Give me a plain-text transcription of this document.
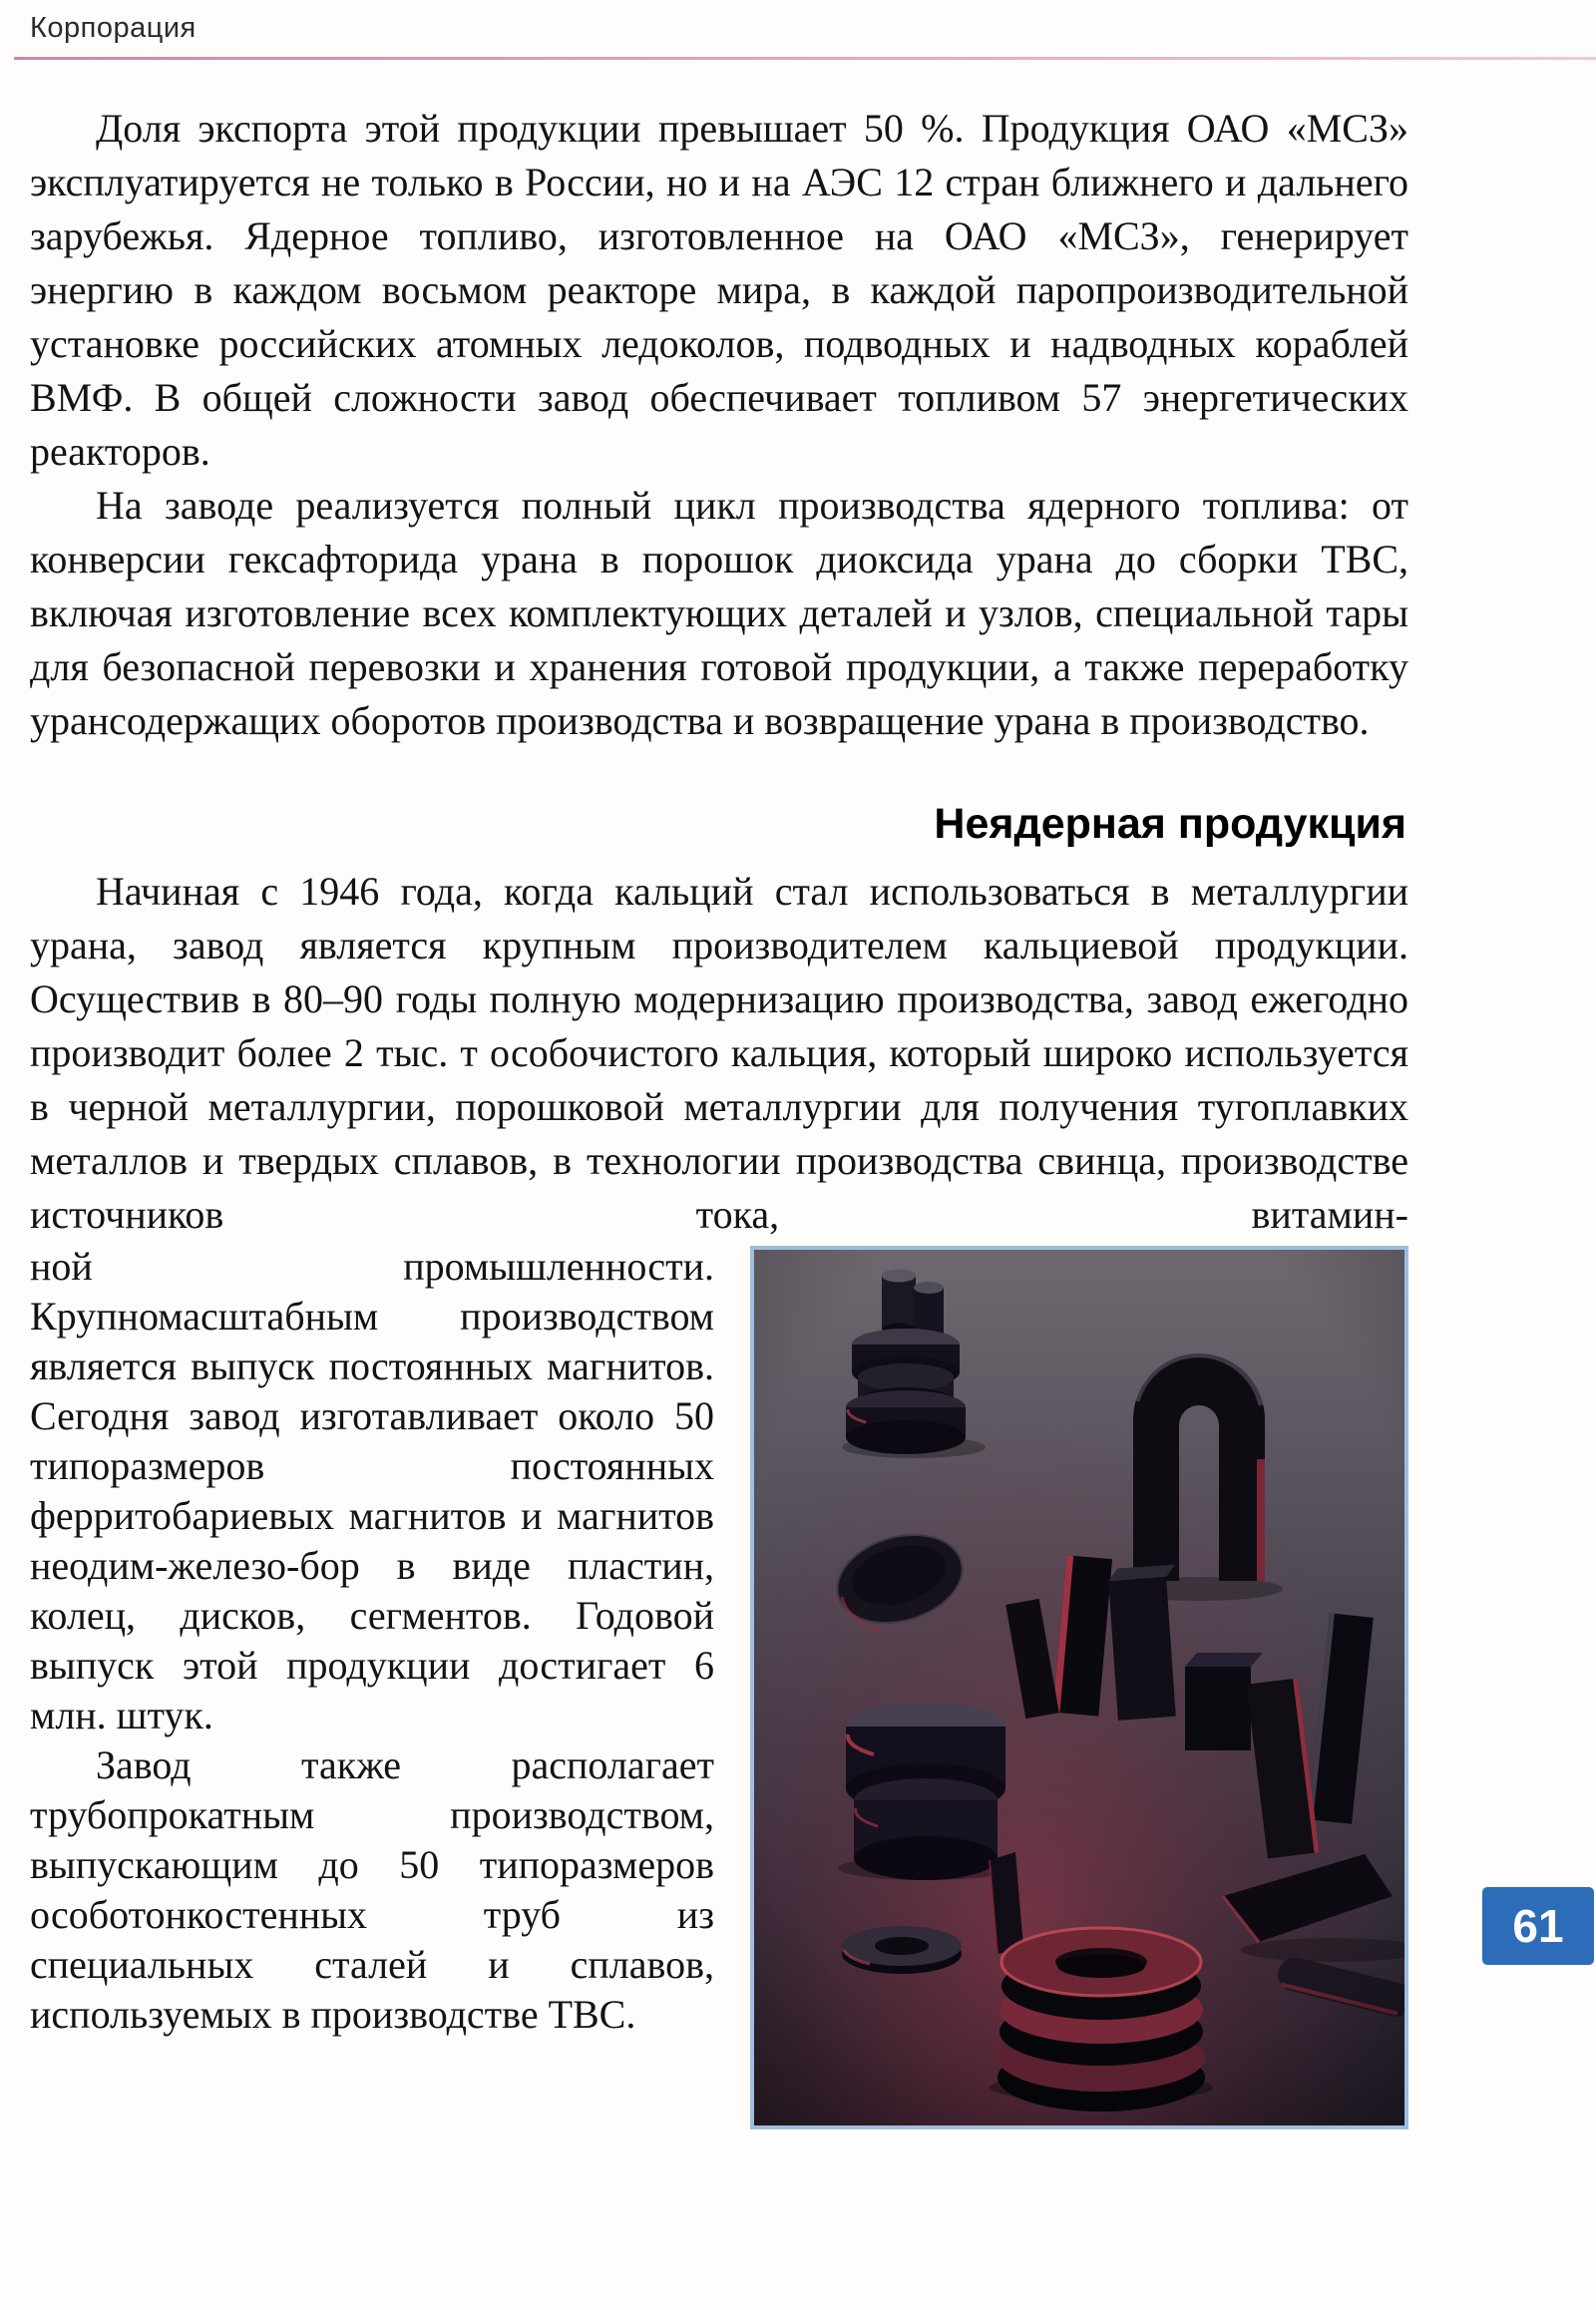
Корпорация

Доля экспорта этой продукции превышает 50 %. Продукция ОАО «МСЗ» эксплуатируется не только в России, но и на АЭС 12 стран ближнего и дальнего зарубежья. Ядерное топливо, изготовленное на ОАО «МСЗ», генерирует энергию в каждом восьмом реакторе мира, в каждой паропроизводительной установке российских атомных ледоколов, подводных и надводных кораблей ВМФ. В общей сложности завод обеспечивает топливом 57 энергетических реакторов.

На заводе реализуется полный цикл производства ядерного топлива: от конверсии гексафторида урана в порошок диоксида урана до сборки ТВС, включая изготовление всех комплектующих деталей и узлов, специальной тары для безопасной перевозки и хранения готовой продукции, а также переработку урансодержащих оборотов производства и возвращение урана в производство.

Неядерная продукция

Начиная с 1946 года, когда кальций стал использоваться в металлургии урана, завод является крупным производителем кальциевой продукции. Осуществив в 80–90 годы полную модернизацию производства, завод ежегодно производит более 2 тыс. т особочистого кальция, который широко используется в черной металлургии, порошковой металлургии для получения тугоплавких металлов и твердых сплавов, в технологии производства свинца, производстве источников тока, витамин-

ной промышленности. Крупномасштабным производством является выпуск постоянных магнитов. Сегодня завод изготавливает около 50 типоразмеров постоянных ферритобариевых магнитов и магнитов неодим-железо-бор в виде пластин, колец, дисков, сегментов. Годовой выпуск этой продукции достигает 6 млн. штук.

Завод также располагает трубопрокатным производством, выпускающим до 50 типоразмеров особотонкостенных труб из специальных сталей и сплавов, используемых в производстве ТВС.

61
